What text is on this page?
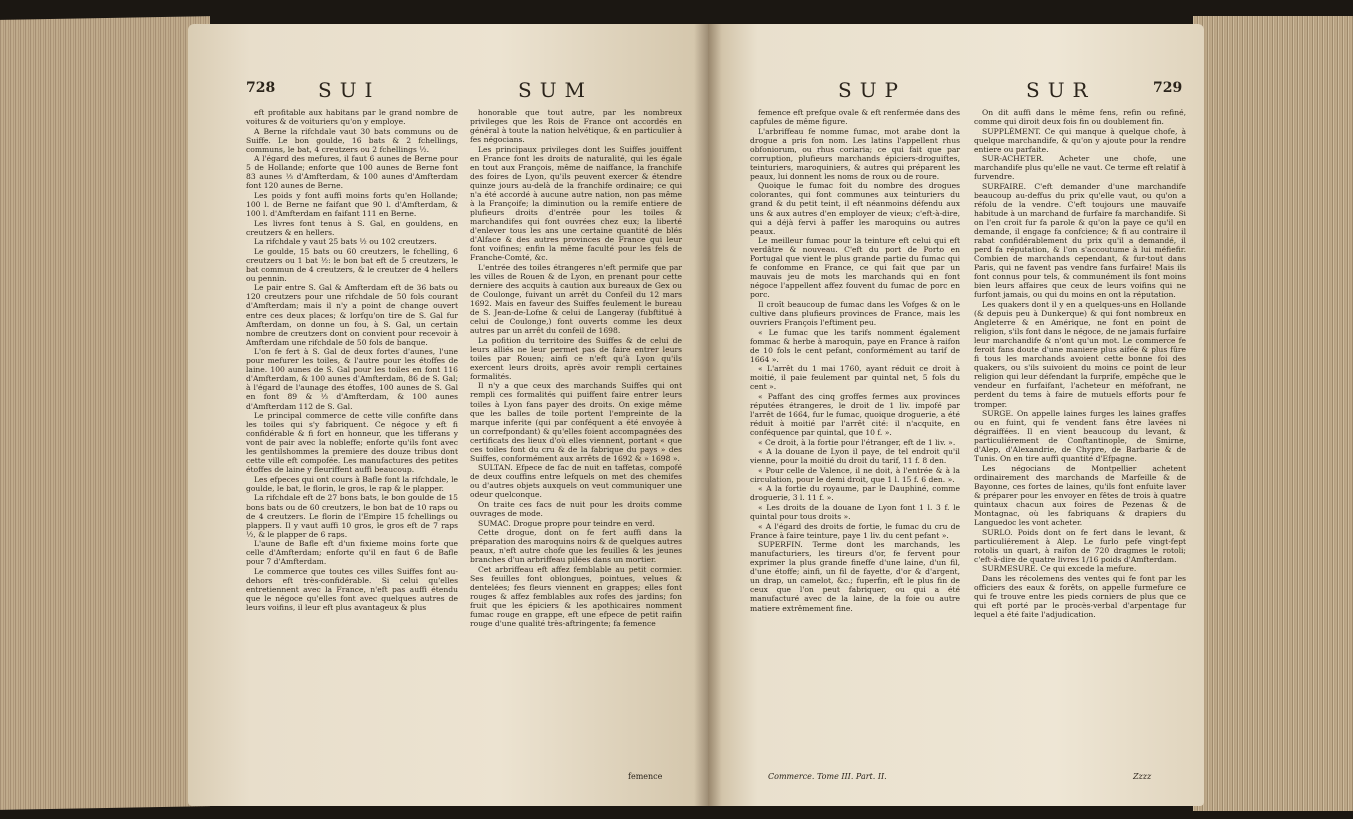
728 SUI	SUM

eft profitable aux habitans par le grand nombre de voitures & de voituriers qu'on y employe.

A Berne la rifchdale vaut 30 bats communs ou de Suiffe. Le bon goulde, 16 bats & 2 fchellings, communs, le bat, 4 creutzers ou 2 fchellings ½.

A l'égard des mefures, il faut 6 aunes de Berne pour 5 de Hollande; enforte que 100 aunes de Berne font 83 aunes ⅓ d'Amfterdam, & 100 aunes d'Amfterdam font 120 aunes de Berne.

Les poids y font auffi moins forts qu'en Hollande; 100 l. de Berne ne faifant que 90 l. d'Amfterdam, & 100 l. d'Amfterdam en faifant 111 en Berne.

Les livres font tenus à S. Gal, en gouldens, en creutzers & en hellers.

La rifchdale y vaut 25 bats ½ ou 102 creutzers.

Le goulde, 15 bats ou 60 creutzers, le fchelling, 6 creutzers ou 1 bat ½: le bon bat eft de 5 creutzers, le bat commun de 4 creutzers, & le creutzer de 4 hellers ou pennin.

Le pair entre S. Gal & Amfterdam eft de 36 bats ou 120 creutzers pour une rifchdale de 50 fols courant d'Amfterdam; mais il n'y a point de change ouvert entre ces deux places; & lorfqu'on tire de S. Gal fur Amfterdam, on donne un fou, à S. Gal, un certain nombre de creutzers dont on convient pour recevoir à Amfterdam une rifchdale de 50 fols de banque.

L'on fe fert à S. Gal de deux fortes d'aunes, l'une pour mefurer les toiles, & l'autre pour les étoffes de laine. 100 aunes de S. Gal pour les toiles en font 116 d'Amfterdam, & 100 aunes d'Amfterdam, 86 de S. Gal; à l'égard de l'aunage des étoffes, 100 aunes de S. Gal en font 89 & ⅓ d'Amfterdam, & 100 aunes d'Amfterdam 112 de S. Gal.

Le principal commerce de cette ville confifte dans les toiles qui s'y fabriquent. Ce négoce y eft fi confidérable & fi fort en honneur, que les tifferans y vont de pair avec la nobleffe; enforte qu'ils font avec les gentilshommes la premiere des douze tribus dont cette ville eft compofée. Les manufactures des petites étoffes de laine y fleuriffent auffi beaucoup.

Les efpeces qui ont cours à Bafle font la rifchdale, le goulde, le bat, le florin, le gros, le rap & le plapper.

La rifchdale eft de 27 bons bats, le bon goulde de 15 bons bats ou de 60 creutzers, le bon bat de 10 raps ou de 4 creutzers. Le florin de l'Empire 15 fchellings ou plappers. Il y vaut auffi 10 gros, le gros eft de 7 raps ½, & le plapper de 6 raps.

L'aune de Bafle eft d'un fixieme moins forte que celle d'Amfterdam; enforte qu'il en faut 6 de Bafle pour 7 d'Amfterdam.

Le commerce que toutes ces villes Suiffes font au-dehors eft très-confidérable. Si celui qu'elles entretiennent avec la France, n'eft pas auffi étendu que le négoce qu'elles font avec quelques autres de leurs voifins, il leur eft plus avantageux & plus

honorable que tout autre, par les nombreux privileges que les Rois de France ont accordés en général à toute la nation helvétique, & en particulier à fes négocians.

Les principaux privileges dont les Suiffes jouiffent en France font les droits de naturalité, qui les égale en tout aux François, même de naiffance, la franchife des foires de Lyon, qu'ils peuvent exercer & étendre quinze jours au-delà de la franchife ordinaire; ce qui n'a été accordé à aucune autre nation, non pas même à la Françoife; la diminution ou la remife entiere de plufieurs droits d'entrée pour les toiles & marchandifes qui font ouvrées chez eux; la liberté d'enlever tous les ans une certaine quantité de blés d'Alface & des autres provinces de France qui leur font voifines; enfin la même faculté pour les fels de Franche-Comté, &c.

L'entrée des toiles étrangeres n'eft permife que par les villes de Rouen & de Lyon, en prenant pour cette derniere des acquits à caution aux bureaux de Gex ou de Coulonge, fuivant un arrêt du Confeil du 12 mars 1692. Mais en faveur des Suiffes feulement le bureau de S. Jean-de-Lofne & celui de Langeray (fubftitué à celui de Coulonge,) font ouverts comme les deux autres par un arrêt du confeil de 1698.

La pofition du territoire des Suiffes & de celui de leurs alliés ne leur permet pas de faire entrer leurs toiles par Rouen; ainfi ce n'eft qu'à Lyon qu'ils exercent leurs droits, après avoir rempli certaines formalités.

Il n'y a que ceux des marchands Suiffes qui ont rempli ces formalités qui puiffent faire entrer leurs toiles à Lyon fans payer des droits. On exige même que les balles de toile portent l'empreinte de la marque inferite (qui par conféquent a été envoyée à un correfpondant) & qu'elles foient accompagnées des certificats des lieux d'où elles viennent, portant « que ces toiles font du cru & de la fabrique du pays » des Suiffes, conformément aux arrêts de 1692 & » 1698 ».

SULTAN. Efpece de fac de nuit en taffetas, compofé de deux couffins entre lefquels on met des chemifes ou d'autres objets auxquels on veut communiquer une odeur quelconque.

On traite ces facs de nuit pour les droits comme ouvrages de mode.

SUMAC. Drogue propre pour teindre en verd.

Cette drogue, dont on fe fert auffi dans la préparation des maroquins noirs & de quelques autres peaux, n'eft autre chofe que les feuilles & les jeunes branches d'un arbriffeau pilées dans un mortier.

Cet arbriffeau eft affez femblable au petit cormier. Ses feuilles font oblongues, pointues, velues & dentelées; fes fleurs viennent en grappes; elles font rouges & affez femblables aux rofes des jardins; fon fruit que les épiciers & les apothicaires nomment fumac rouge en grappe, eft une efpece de petit raifin rouge d'une qualité très-aftringente; fa femence

femence
SUP	SUR	729

femence eft prefque ovale & eft renfermée dans des capfules de même figure.

L'arbriffeau fe nomme fumac, mot arabe dont la drogue a pris fon nom. Les latins l'appellent rhus obfoniorum, ou rhus coriaria; ce qui fait que par corruption, plufieurs marchands épiciers-droguiftes, teinturiers, maroquiniers, & autres qui préparent les peaux, lui donnent les noms de roux ou de roure.

Quoique le fumac foit du nombre des drogues colorantes, qui font communes aux teinturiers du grand & du petit teint, il eft néanmoins défendu aux uns & aux autres d'en employer de vieux; c'eft-à-dire, qui a déjà fervi à paffer les maroquins ou autres peaux.

Le meilleur fumac pour la teinture eft celui qui eft verdâtre & nouveau. C'eft du port de Porto en Portugal que vient le plus grande partie du fumac qui fe confomme en France, ce qui fait que par un mauvais jeu de mots les marchands qui en font négoce l'appellent affez fouvent du fumac de porc en porc.

Il croît beaucoup de fumac dans les Vofges & on le cultive dans plufieurs provinces de France, mais les ouvriers François l'eftiment peu.

« Le fumac que les tarifs nomment également fommac & herbe à maroquin, paye en France à raifon de 10 fols le cent pefant, conformément au tarif de 1664 ».

« L'arrêt du 1 mai 1760, ayant réduit ce droit à moitié, il paie feulement par quintal net, 5 fols du cent ».

« Paffant des cinq groffes fermes aux provinces réputées étrangeres, le droit de 1 liv. impofé par l'arrêt de 1664, fur le fumac, quoique droguerie, a été réduit à moitié par l'arrêt cité: il n'acquite, en conféquence par quintal, que 10 f. ».

« Ce droit, à la fortie pour l'étranger, eft de 1 liv. ».

« A la douane de Lyon il paye, de tel endroit qu'il vienne, pour la moitié du droit du tarif, 11 f. 8 den.

« Pour celle de Valence, il ne doit, à l'entrée & à la circulation, pour le demi droit, que 1 l. 15 f. 6 den. ».

« A la fortie du royaume, par le Dauphiné, comme droguerie, 3 l. 11 f. ».

« Les droits de la douane de Lyon font 1 l. 3 f. le quintal pour tous droits ».

« A l'égard des droits de fortie, le fumac du cru de France à faire teinture, paye 1 liv. du cent pefant ».

SUPERFIN. Terme dont les marchands, les manufacturiers, les tireurs d'or, fe fervent pour exprimer la plus grande fineffe d'une laine, d'un fil, d'une étoffe; ainfi, un fil de fayette, d'or & d'argent, un drap, un camelot, &c.; fuperfin, eft le plus fin de ceux que l'on peut fabriquer, ou qui a été manufacturé avec de la laine, de la foie ou autre matiere extrêmement fine.

On dit auffi dans le même fens, refin ou refiné, comme qui diroit deux fois fin ou doublement fin.

SUPPLÉMENT. Ce qui manque à quelque chofe, à quelque marchandife, & qu'on y ajoute pour la rendre entiere ou parfaite.

SUR-ACHETER. Acheter une chofe, une marchandife plus qu'elle ne vaut. Ce terme eft relatif à furvendre.

SURFAIRE. C'eft demander d'une marchandife beaucoup au-deffus du prix qu'elle vaut, ou qu'on a réfolu de la vendre. C'eft toujours une mauvaife habitude à un marchand de furfaire fa marchandife. Si on l'en croit fur fa parole & qu'on la paye ce qu'il en demande, il engage fa confcience; & fi au contraire il rabat confidérablement du prix qu'il a demandé, il perd fa réputation, & l'on s'accoutume à lui méfiefir. Combien de marchands cependant, & fur-tout dans Paris, qui ne favent pas vendre fans furfaire! Mais ils font connus pour tels, & communément ils font moins bien leurs affaires que ceux de leurs voifins qui ne furfont jamais, ou qui du moins en ont la réputation.

Les quakers dont il y en a quelques-uns en Hollande (& depuis peu à Dunkerque) & qui font nombreux en Angleterre & en Amérique, ne font en point de religion, s'ils font dans le négoce, de ne jamais furfaire leur marchandife & n'ont qu'un mot. Le commerce fe feroit fans doute d'une maniere plus aifée & plus fûre fi tous les marchands avoient cette bonne foi des quakers, ou s'ils suivoient du moins ce point de leur religion qui leur défendant la furprife, empêche que le vendeur en furfaifant, l'acheteur en méfofrant, ne perdent du tems à faire de mutuels efforts pour fe tromper.

SURGE. On appelle laines furges les laines graffes ou en fuint, qui fe vendent fans être lavées ni dégraiffées. Il en vient beaucoup du levant, & particuliérement de Conftantinople, de Smirne, d'Alep, d'Alexandrie, de Chypre, de Barbarie & de Tunis. On en tire auffi quantité d'Efpagne.

Les négocians de Montpellier achetent ordinairement des marchands de Marfeille & de Bayonne, ces fortes de laines, qu'ils font enfuite laver & préparer pour les envoyer en fêtes de trois à quatre quintaux chacun aux foires de Pezenas & de Montagnac, où les fabriquans & drapiers du Languedoc les vont acheter.

SURLO. Poids dont on fe fert dans le levant, & particuliérement à Alep. Le furlo pefe vingt-fept rotolis un quart, à raifon de 720 dragmes le rotoli; c'eft-à-dire de quatre livres 1/16 poids d'Amfterdam.

SURMESURE. Ce qui excede la mefure.

Dans les récolemens des ventes qui fe font par les officiers des eaux & forêts, on appelle furmefure ce qui fe trouve entre les pieds corniers de plus que ce qui eft porté par le procès-verbal d'arpentage fur lequel a été faite l'adjudication.

Commerce. Tome III. Part. II.	Zzzz
